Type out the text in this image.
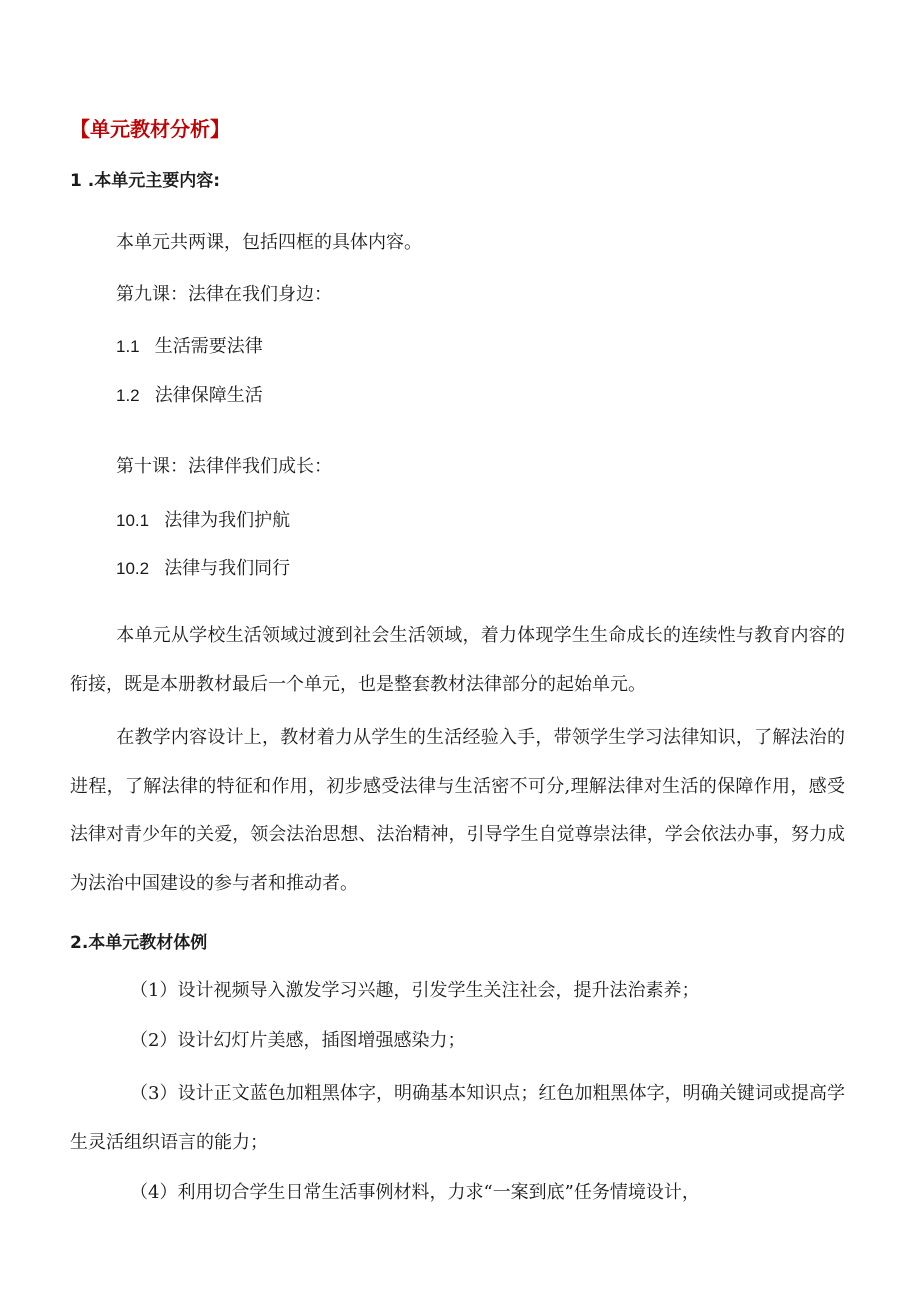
【单元教材分析】
1 .本单元主要内容:
本单元共两课，包括四框的具体内容。
第九课：法律在我们身边：
1.1 生活需要法律
1.2 法律保障生活
第十课：法律伴我们成长：
10.1 法律为我们护航
10.2 法律与我们同行
本单元从学校生活领域过渡到社会生活领域，着力体现学生生命成长的连续性与教育内容的衔接，既是本册教材最后一个单元，也是整套教材法律部分的起始单元。
在教学内容设计上，教材着力从学生的生活经验入手，带领学生学习法律知识，了解法治的进程，了解法律的特征和作用，初步感受法律与生活密不可分,理解法律对生活的保障作用，感受法律对青少年的关爱，领会法治思想、法治精神，引导学生自觉尊崇法律，学会依法办事，努力成为法治中国建设的参与者和推动者。
2.本单元教材体例
（1）设计视频导入激发学习兴趣，引发学生关注社会，提升法治素养；
（2）设计幻灯片美感，插图增强感染力；
（3）设计正文蓝色加粗黑体字，明确基本知识点；红色加粗黑体字，明确关键词或提高学生灵活组织语言的能力；
（4）利用切合学生日常生活事例材料，力求“一案到底”任务情境设计，
